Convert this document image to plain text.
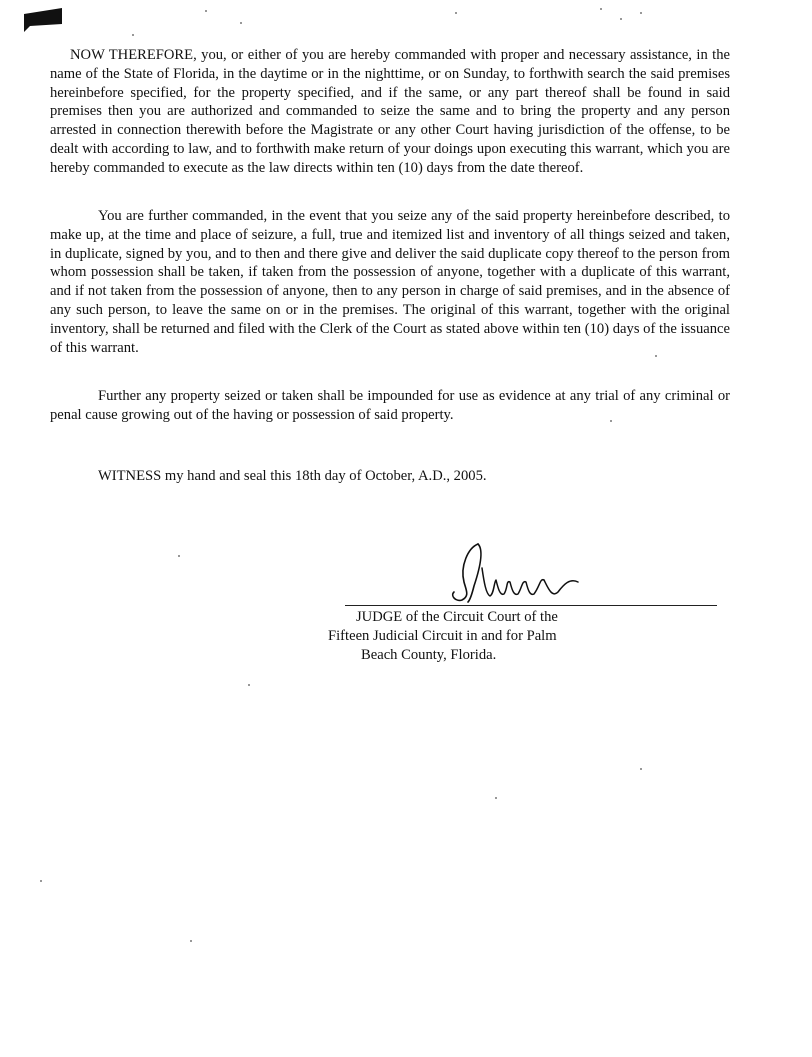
NOW THEREFORE, you, or either of you are hereby commanded with proper and necessary assistance, in the name of the State of Florida, in the daytime or in the nighttime, or on Sunday, to forthwith search the said premises hereinbefore specified, for the property specified, and if the same, or any part thereof shall be found in said premises then you are authorized and commanded to seize the same and to bring the property and any person arrested in connection therewith before the Magistrate or any other Court having jurisdiction of the offense, to be dealt with according to law, and to forthwith make return of your doings upon executing this warrant, which you are hereby commanded to execute as the law directs within ten (10) days from the date thereof.

You are further commanded, in the event that you seize any of the said property hereinbefore described, to make up, at the time and place of seizure, a full, true and itemized list and inventory of all things seized and taken, in duplicate, signed by you, and to then and there give and deliver the said duplicate copy thereof to the person from whom possession shall be taken, if taken from the possession of anyone, together with a duplicate of this warrant, and if not taken from the possession of anyone, then to any person in charge of said premises, and in the absence of any such person, to leave the same on or in the premises. The original of this warrant, together with the original inventory, shall be returned and filed with the Clerk of the Court as stated above within ten (10) days of the issuance of this warrant.

Further any property seized or taken shall be impounded for use as evidence at any trial of any criminal or penal cause growing out of the having or possession of said property.

WITNESS my hand and seal this 18th day of October, A.D., 2005.

JUDGE of the Circuit Court of the
Fifteen Judicial Circuit in and for Palm
Beach County, Florida.
